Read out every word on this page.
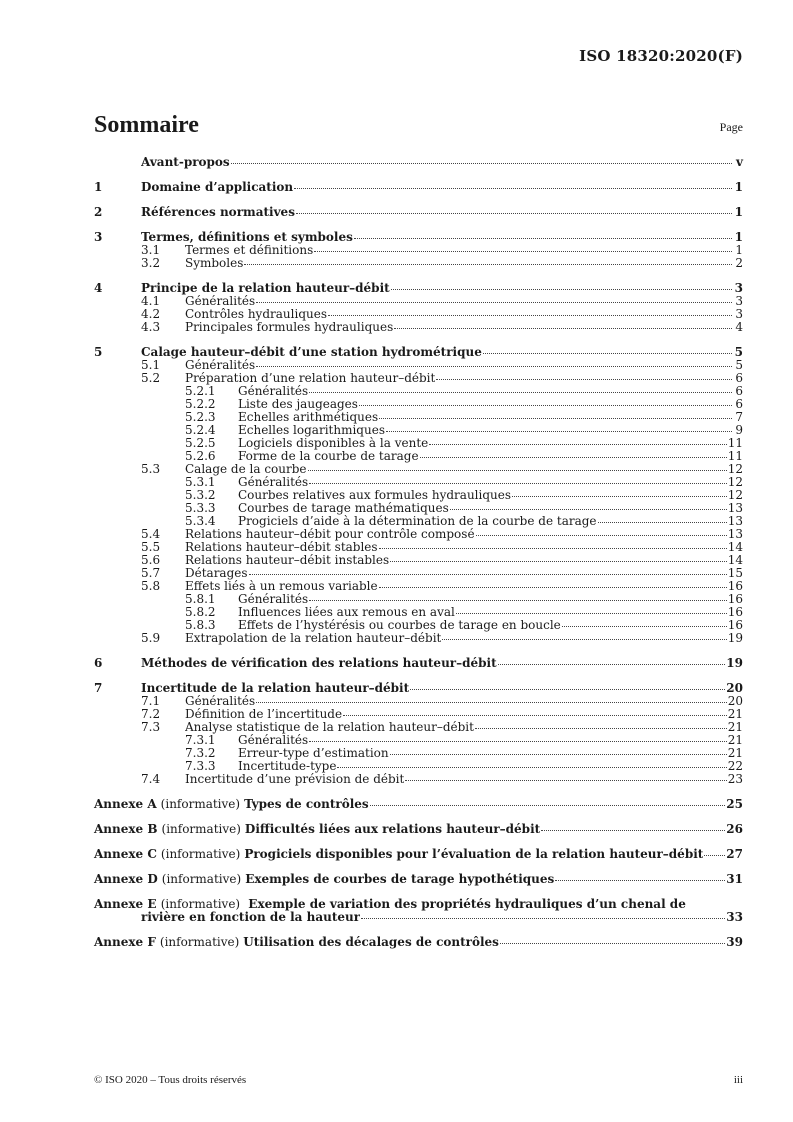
ISO 18320:2020(F)
Sommaire	Page
Avant-propos	v
1	Domaine d’application	1
2	Références normatives	1
3	Termes, définitions et symboles	1
3.1	Termes et définitions	1
3.2	Symboles	2
4	Principe de la relation hauteur–débit	3
4.1	Généralités	3
4.2	Contrôles hydrauliques	3
4.3	Principales formules hydrauliques	4
5	Calage hauteur–débit d’une station hydrométrique	5
5.1	Généralités	5
5.2	Préparation d’une relation hauteur–débit	6
5.2.1	Généralités	6
5.2.2	Liste des jaugeages	6
5.2.3	Échelles arithmétiques	7
5.2.4	Échelles logarithmiques	9
5.2.5	Logiciels disponibles à la vente	11
5.2.6	Forme de la courbe de tarage	11
5.3	Calage de la courbe	12
5.3.1	Généralités	12
5.3.2	Courbes relatives aux formules hydrauliques	12
5.3.3	Courbes de tarage mathématiques	13
5.3.4	Progiciels d’aide à la détermination de la courbe de tarage	13
5.4	Relations hauteur–débit pour contrôle composé	13
5.5	Relations hauteur–débit stables	14
5.6	Relations hauteur–débit instables	14
5.7	Détarages	15
5.8	Effets liés à un remous variable	16
5.8.1	Généralités	16
5.8.2	Influences liées aux remous en aval	16
5.8.3	Effets de l’hystérésis ou courbes de tarage en boucle	16
5.9	Extrapolation de la relation hauteur–débit	19
6	Méthodes de vérification des relations hauteur–débit	19
7	Incertitude de la relation hauteur–débit	20
7.1	Généralités	20
7.2	Définition de l’incertitude	21
7.3	Analyse statistique de la relation hauteur–débit	21
7.3.1	Généralités	21
7.3.2	Erreur-type d’estimation	21
7.3.3	Incertitude-type	22
7.4	Incertitude d’une prévision de débit	23
Annexe A (informative) Types de contrôles	25
Annexe B (informative) Difficultés liées aux relations hauteur–débit	26
Annexe C (informative) Progiciels disponibles pour l’évaluation de la relation hauteur–débit 27
Annexe D (informative) Exemples de courbes de tarage hypothétiques	31
Annexe E (informative) Exemple de variation des propriétés hydrauliques d’un chenal de
rivière en fonction de la hauteur	33
Annexe F (informative) Utilisation des décalages de contrôles	39
© ISO 2020 – Tous droits réservés	iii
